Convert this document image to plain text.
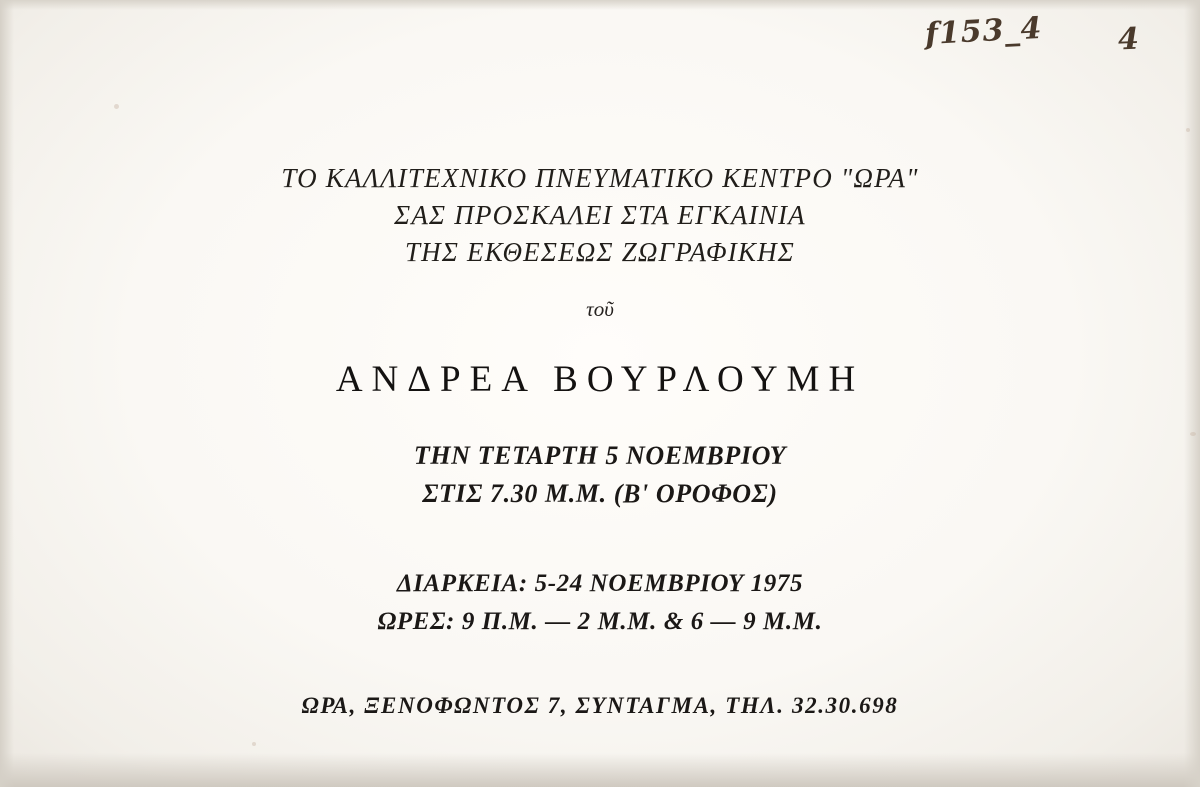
f153_4 4
ΤΟ ΚΑΛΛΙΤΕΧΝΙΚΟ ΠΝΕΥΜΑΤΙΚΟ ΚΕΝΤΡΟ "ΩΡΑ"
ΣΑΣ ΠΡΟΣΚΑΛΕΙ ΣΤΑ ΕΓΚΑΙΝΙΑ
ΤΗΣ ΕΚΘΕΣΕΩΣ ΖΩΓΡΑΦΙΚΗΣ
τοῦ
ΑΝΔΡΕΑ ΒΟΥΡΛΟΥΜΗ
ΤΗΝ ΤΕΤΑΡΤΗ 5 ΝΟΕΜΒΡΙΟΥ
ΣΤΙΣ 7.30 Μ.Μ. (Β' ΟΡΟΦΟΣ)
ΔΙΑΡΚΕΙΑ: 5-24 ΝΟΕΜΒΡΙΟΥ 1975
ΩΡΕΣ: 9 Π.Μ. — 2 Μ.Μ. & 6 — 9 Μ.Μ.
ΩΡΑ, ΞΕΝΟΦΩΝΤΟΣ 7, ΣΥΝΤΑΓΜΑ, ΤΗΛ. 32.30.698
